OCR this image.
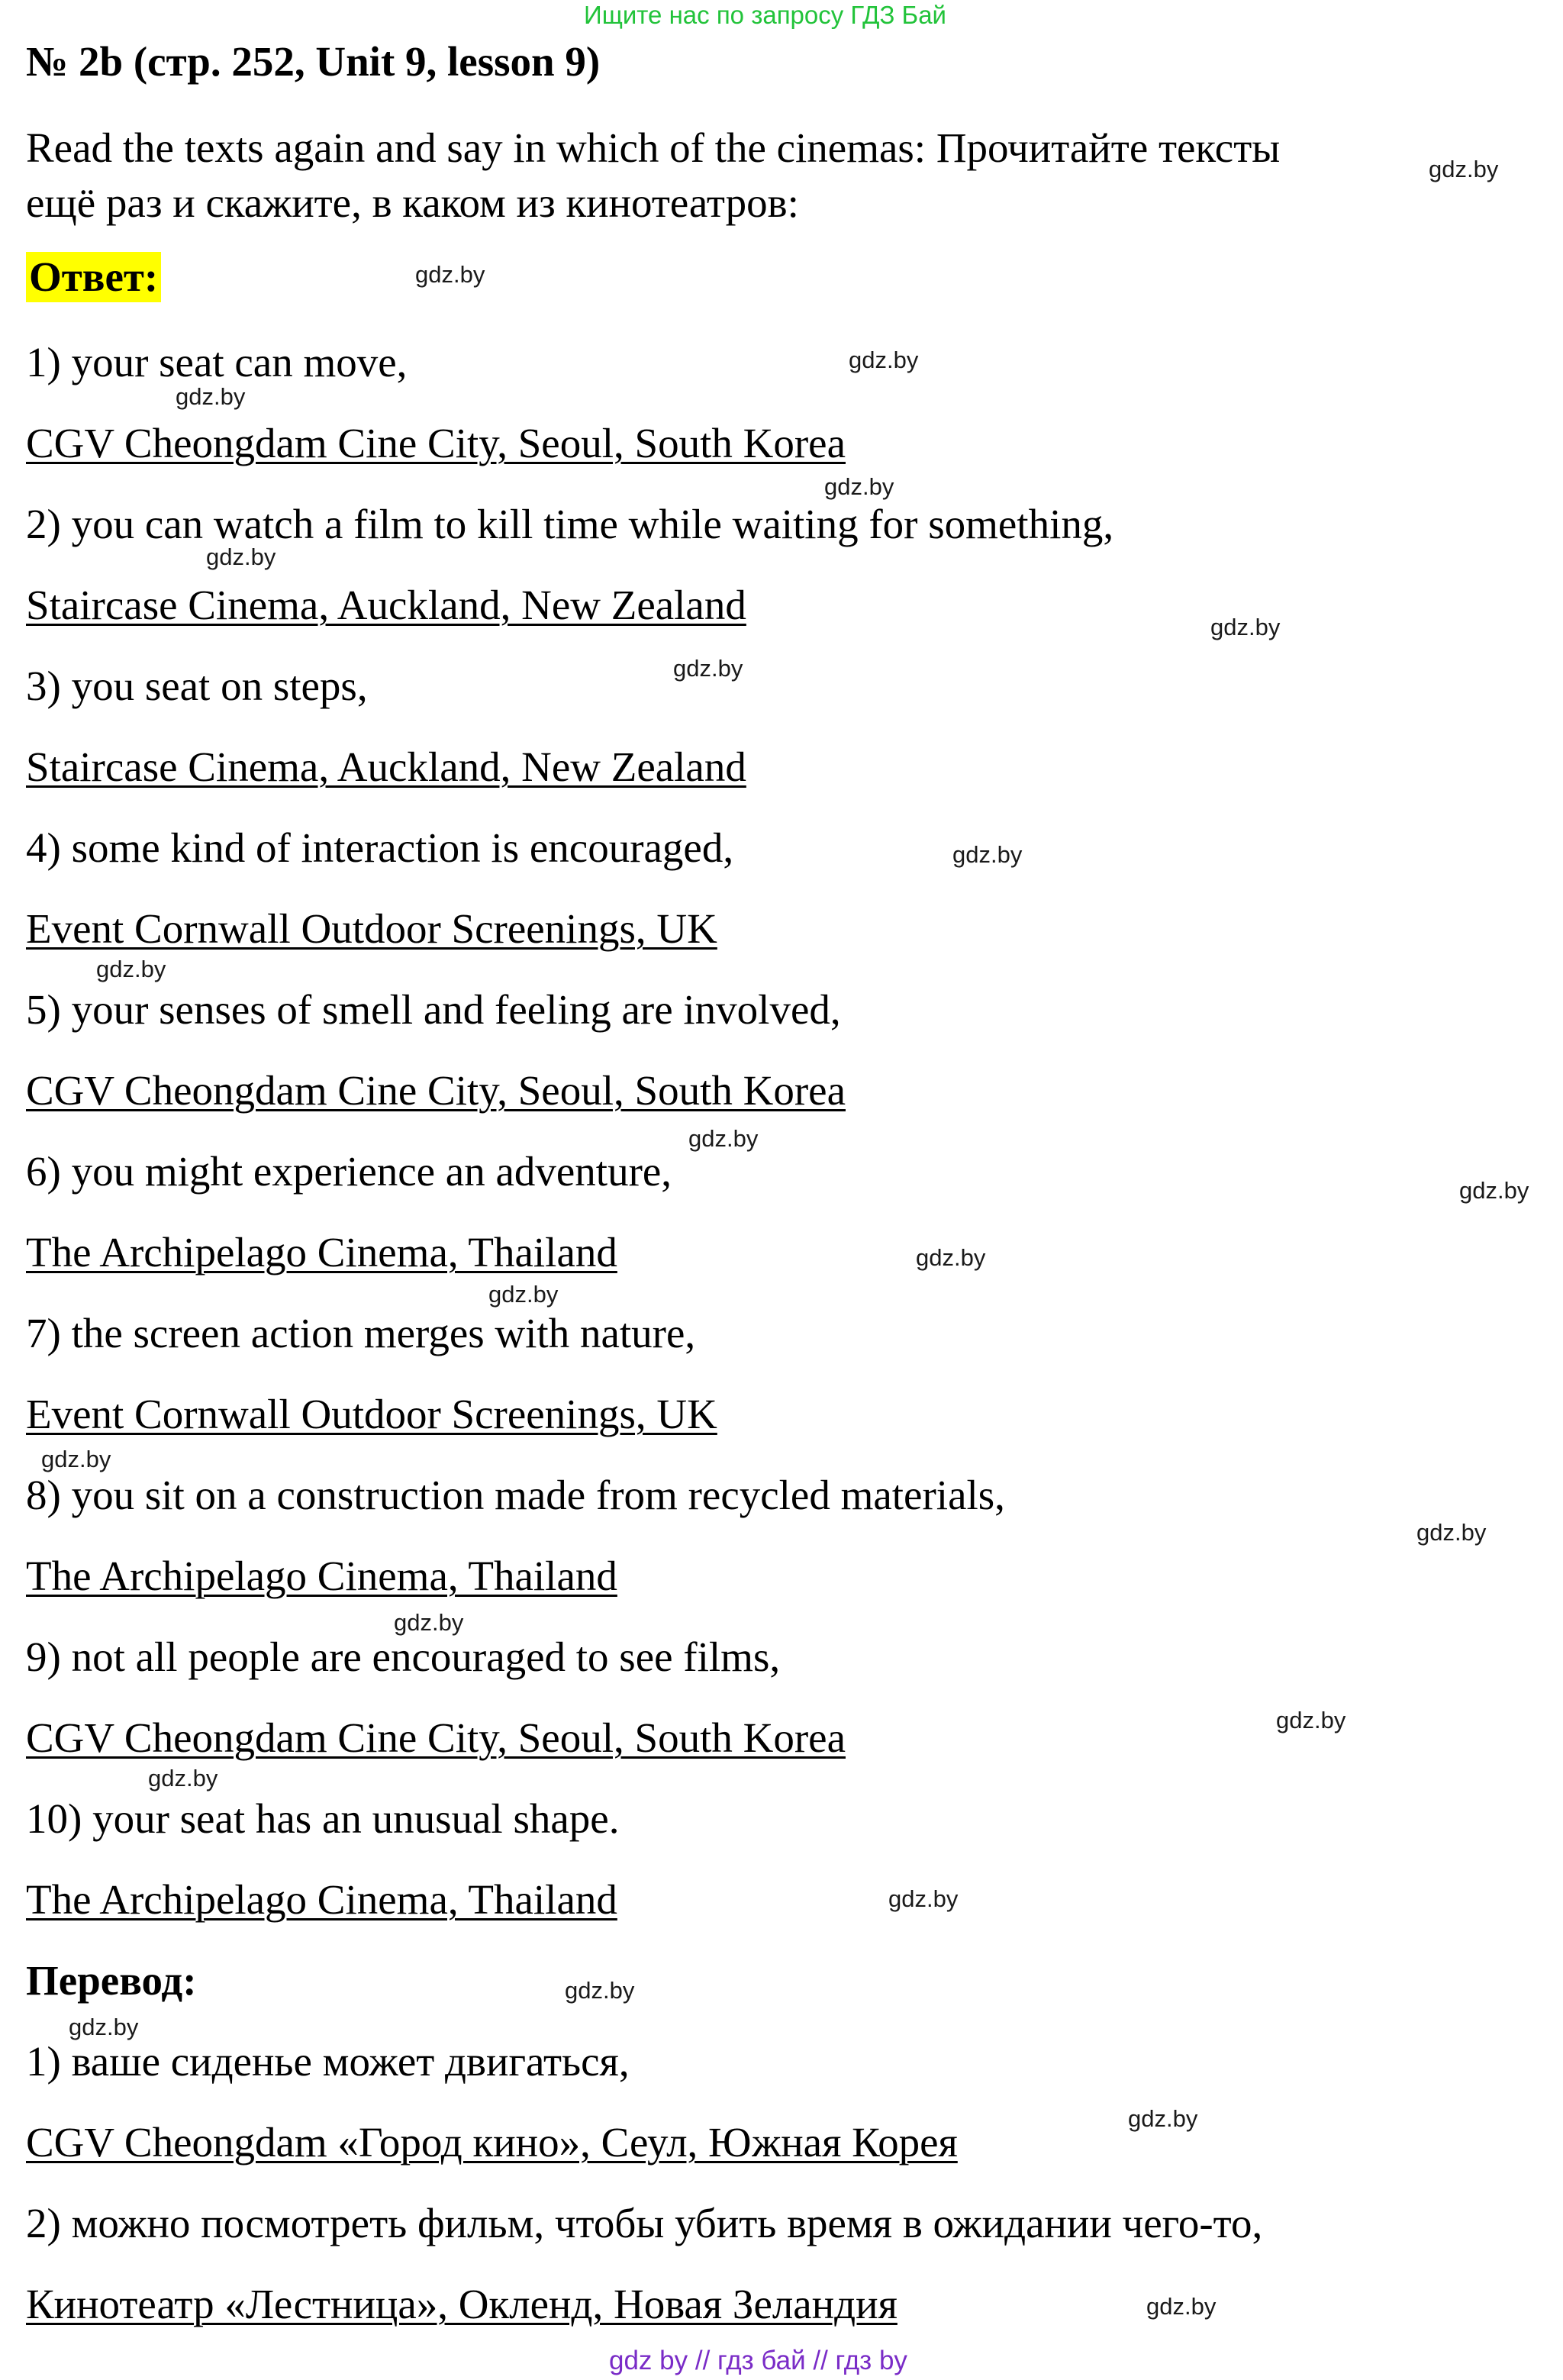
Ищите нас по запросу ГДЗ Бай
№ 2b (стр. 252, Unit 9, lesson 9)
Read the texts again and say in which of the cinemas: Прочитайте тексты
ещё раз и скажите, в каком из кинотеатров:
Ответ:
1) your seat can move,
CGV Cheongdam Cine City, Seoul, South Korea
2) you can watch a film to kill time while waiting for something,
Staircase Cinema, Auckland, New Zealand
3) you seat on steps,
Staircase Cinema, Auckland, New Zealand
4) some kind of interaction is encouraged,
Event Cornwall Outdoor Screenings, UK
5) your senses of smell and feeling are involved,
CGV Cheongdam Cine City, Seoul, South Korea
6) you might experience an adventure,
The Archipelago Cinema, Thailand
7) the screen action merges with nature,
Event Cornwall Outdoor Screenings, UK
8) you sit on a construction made from recycled materials,
The Archipelago Cinema, Thailand
9) not all people are encouraged to see films,
CGV Cheongdam Cine City, Seoul, South Korea
10) your seat has an unusual shape.
The Archipelago Cinema, Thailand
Перевод:
1) ваше сиденье может двигаться,
CGV Cheongdam «Город кино», Сеул, Южная Корея
2) можно посмотреть фильм, чтобы убить время в ожидании чего-то,
Кинотеатр «Лестница», Окленд, Новая Зеландия
gdz.by
gdz.by
gdz.by
gdz.by
gdz.by
gdz.by
gdz.by
gdz.by
gdz.by
gdz.by
gdz.by
gdz.by
gdz.by
gdz.by
gdz.by
gdz.by
gdz.by
gdz.by
gdz.by
gdz.by
gdz.by
gdz.by
gdz.by
gdz.by
gdz by // гдз бай // гдз by
